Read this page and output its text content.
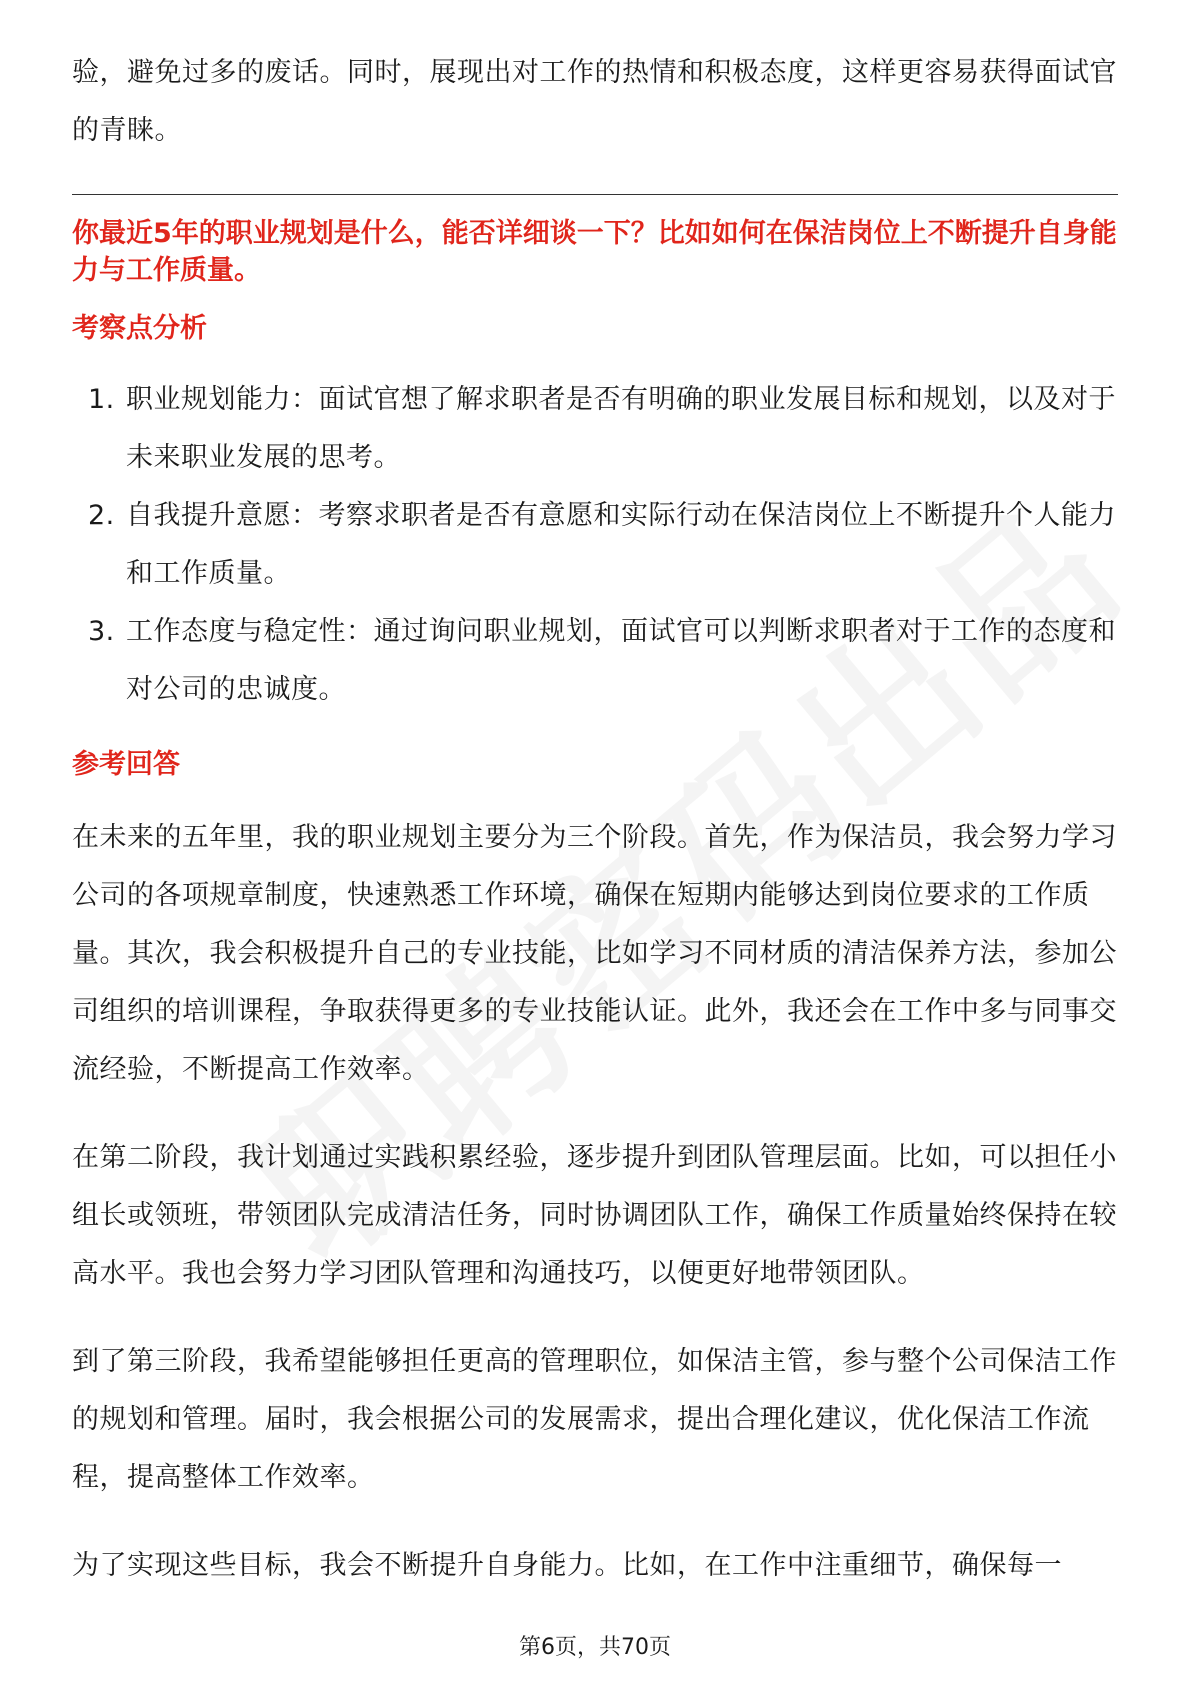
验，避免过多的废话。同时，展现出对工作的热情和积极态度，这样更容易获得面试官的青睐。

你最近5年的职业规划是什么，能否详细谈一下？比如如何在保洁岗位上不断提升自身能力与工作质量。

考察点分析
1. 职业规划能力：面试官想了解求职者是否有明确的职业发展目标和规划，以及对于未来职业发展的思考。
2. 自我提升意愿：考察求职者是否有意愿和实际行动在保洁岗位上不断提升个人能力和工作质量。
3. 工作态度与稳定性：通过询问职业规划，面试官可以判断求职者对于工作的态度和对公司的忠诚度。
参考回答

在未来的五年里，我的职业规划主要分为三个阶段。首先，作为保洁员，我会努力学习公司的各项规章制度，快速熟悉工作环境，确保在短期内能够达到岗位要求的工作质量。其次，我会积极提升自己的专业技能，比如学习不同材质的清洁保养方法，参加公司组织的培训课程，争取获得更多的专业技能认证。此外，我还会在工作中多与同事交流经验，不断提高工作效率。

在第二阶段，我计划通过实践积累经验，逐步提升到团队管理层面。比如，可以担任小组长或领班，带领团队完成清洁任务，同时协调团队工作，确保工作质量始终保持在较高水平。我也会努力学习团队管理和沟通技巧，以便更好地带领团队。

到了第三阶段，我希望能够担任更高的管理职位，如保洁主管，参与整个公司保洁工作的规划和管理。届时，我会根据公司的发展需求，提出合理化建议，优化保洁工作流程，提高整体工作效率。

为了实现这些目标，我会不断提升自身能力。比如，在工作中注重细节，确保每一

第6页，共70页
